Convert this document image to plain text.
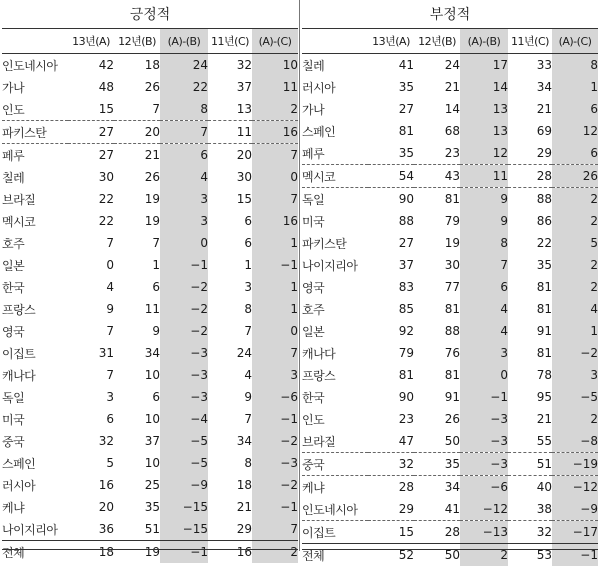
긍정적
	13년(A)	12년(B)	(A)-(B)	11년(C)	(A)-(C)
인도네시아	42	18	24	32	10
가나	48	26	22	37	11
인도	15	7	8	13	2
파키스탄	27	20	7	11	16
페루	27	21	6	20	7
칠레	30	26	4	30	0
브라질	22	19	3	15	7
멕시코	22	19	3	6	16
호주	7	7	0	6	1
일본	0	1	−1	1	−1
한국	4	6	−2	3	1
프랑스	9	11	−2	8	1
영국	7	9	−2	7	0
이집트	31	34	−3	24	7
캐나다	7	10	−3	4	3
독일	3	6	−3	9	−6
미국	6	10	−4	7	−1
중국	32	37	−5	34	−2
스페인	5	10	−5	8	−3
러시아	16	25	−9	18	−2
케냐	20	35	−15	21	−1
나이지리아	36	51	−15	29	7
전체	18	19	−1	16	2
부정적
	13년(A)	12년(B)	(A)-(B)	11년(C)	(A)-(C)
칠레	41	24	17	33	8
러시아	35	21	14	34	1
가나	27	14	13	21	6
스페인	81	68	13	69	12
페루	35	23	12	29	6
멕시코	54	43	11	28	26
독일	90	81	9	88	2
미국	88	79	9	86	2
파키스탄	27	19	8	22	5
나이지리아	37	30	7	35	2
영국	83	77	6	81	2
호주	85	81	4	81	4
일본	92	88	4	91	1
캐나다	79	76	3	81	−2
프랑스	81	81	0	78	3
한국	90	91	−1	95	−5
인도	23	26	−3	21	2
브라질	47	50	−3	55	−8
중국	32	35	−3	51	−19
케냐	28	34	−6	40	−12
인도네시아	29	41	−12	38	−9
이집트	15	28	−13	32	−17
전체	52	50	2	53	−1
